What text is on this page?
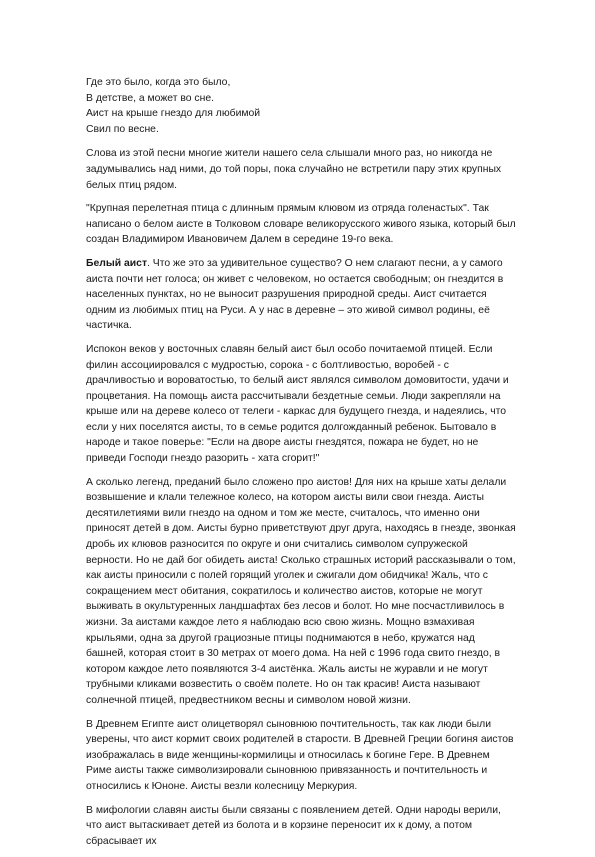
Где это было, когда это было,
В детстве, а может во сне.
Аист на крыше гнездо для любимой
Свил по весне.

Слова из этой песни многие жители нашего села слышали много раз, но никогда не задумывались над ними, до той поры, пока случайно не встретили пару этих крупных белых птиц рядом.

"Крупная перелетная птица с длинным прямым клювом из отряда голенастых". Так написано о белом аисте в Толковом словаре великорусского живого языка, который был создан Владимиром Ивановичем Далем в середине 19-го века.

Белый аист. Что же это за удивительное существо? О нем слагают песни, а у самого аиста почти нет голоса; он живет с человеком, но остается свободным; он гнездится в населенных пунктах, но не выносит разрушения природной среды. Аист считается одним из любимых птиц на Руси. А у нас в деревне – это живой символ родины, её частичка.

Испокон веков у восточных славян белый аист был особо почитаемой птицей. Если филин ассоциировался с мудростью, сорока - с болтливостью, воробей - с драчливостью и вороватостью, то белый аист являлся символом домовитости, удачи и процветания. На помощь аиста рассчитывали бездетные семьи. Люди закрепляли на крыше или на дереве колесо от телеги - каркас для будущего гнезда, и надеялись, что если у них поселятся аисты, то в семье родится долгожданный ребенок. Бытовало в народе и такое поверье: "Если на дворе аисты гнездятся, пожара не будет, но не приведи Господи гнездо разорить - хата сгорит!"

А сколько легенд, преданий было сложено про аистов! Для них на крыше хаты делали возвышение и клали тележное колесо, на котором аисты вили свои гнезда. Аисты десятилетиями вили гнездо на одном и том же месте, считалось, что именно они приносят детей в дом. Аисты бурно приветствуют друг друга, находясь в гнезде, звонкая дробь их клювов разносится по округе и они считались символом супружеской верности. Но не дай бог обидеть аиста! Сколько страшных историй рассказывали о том, как аисты приносили с полей горящий уголек и сжигали дом обидчика! Жаль, что с сокращением мест обитания, сократилось и количество аистов, которые не могут выживать в окультуренных ландшафтах без лесов и болот. Но мне посчастливилось в жизни. За аистами каждое лето я наблюдаю всю свою жизнь. Мощно взмахивая крыльями, одна за другой грациозные птицы поднимаются в небо, кружатся над башней, которая стоит в 30 метрах от моего дома. На ней с 1996 года свито гнездо, в котором каждое лето появляются 3-4 аистёнка. Жаль аисты не журавли и не могут трубными кликами возвестить о своём полете. Но он так красив! Аиста называют солнечной птицей, предвестником весны и символом новой жизни.

В Древнем Египте аист олицетворял сыновнюю почтительность, так как люди были уверены, что аист кормит своих родителей в старости. В Древней Греции богиня аистов изображалась в виде женщины-кормилицы и относилась к богине Гере. В Древнем Риме аисты также символизировали сыновнюю привязанность и почтительность и относились к Юноне. Аисты везли колесницу Меркурия.

В мифологии славян аисты были связаны с появлением детей. Одни народы верили, что аист вытаскивает детей из болота и в корзине переносит их к дому, а потом сбрасывает их
